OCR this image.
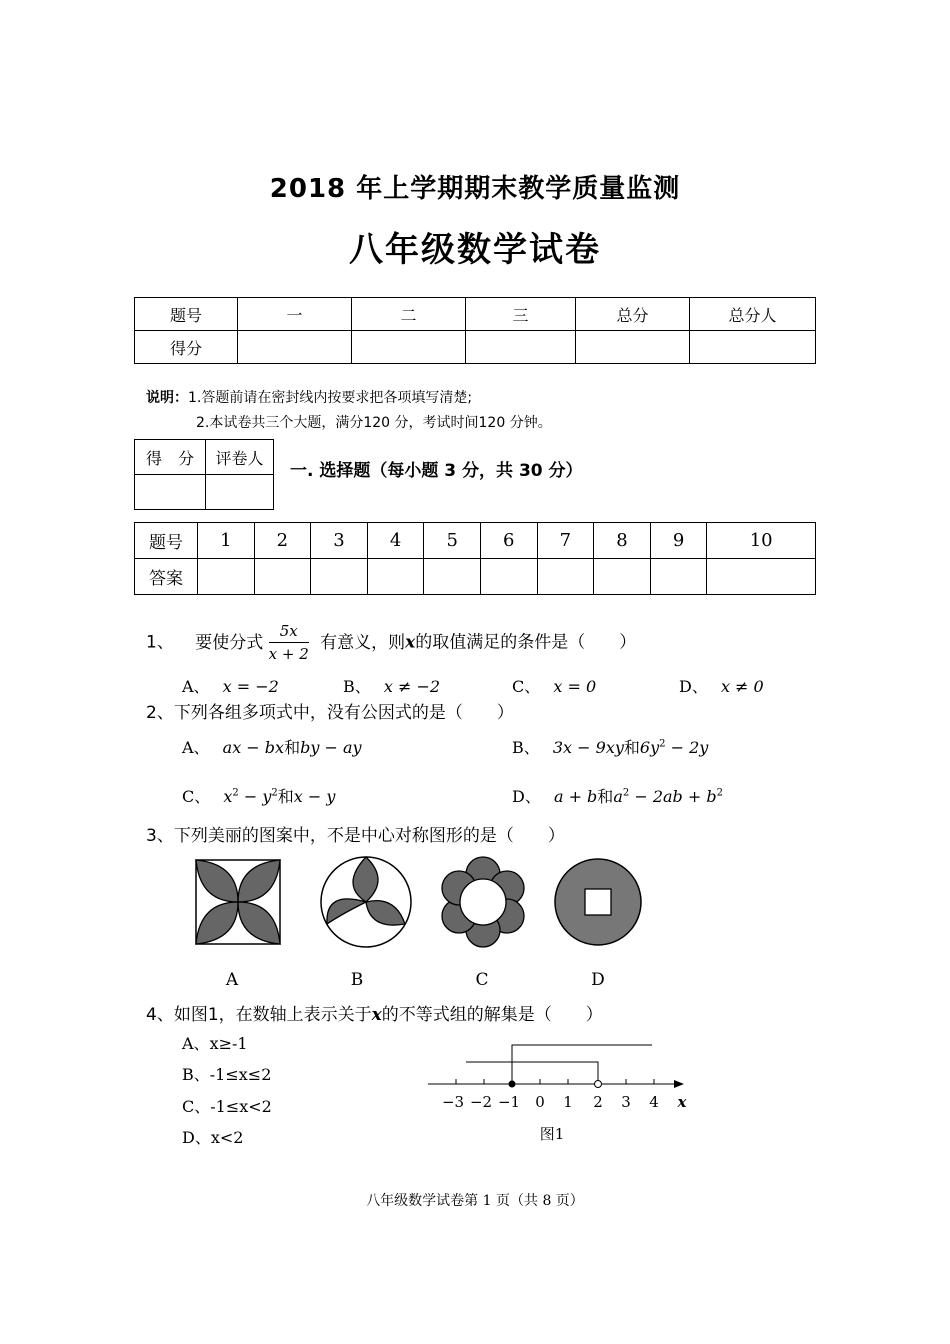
2018 年上学期期末教学质量监测
八年级数学试卷
题号	一	二	三	总分	总分人
得分					
说明：1.答题前请在密封线内按要求把各项填写清楚;
2.本试卷共三个大题，满分120 分，考试时间120 分钟。
得　分	评卷人

一. 选择题（每小题 3 分，共 30 分）
题号	1	2	3	4	5	6	7	8	9	10
答案										
1、 要使分式 $\frac{5x}{x + 2}$ 有意义，则x的取值满足的条件是（　　）
A、 x = −2	B、 x ≠ −2	C、 x = 0	D、 x ≠ 0
2、下列各组多项式中，没有公因式的是（　　）
A、 ax − bx和by − ay	B、 3x − 9xy和$6y^2 - 2y$
C、 $x^2 - y^2$和x − y	D、 a + b和$a^2 - 2ab + b^2$
3、下列美丽的图案中，不是中心对称图形的是（　　）
A	B	C	D
4、如图1，在数轴上表示关于x的不等式组的解集是（　　）
A、x≥-1
B、-1≤x≤2
C、-1≤x<2
D、x<2
−3 −2 −1 0 1 2 3 4 x
图1
八年级数学试卷第 1 页（共 8 页）
